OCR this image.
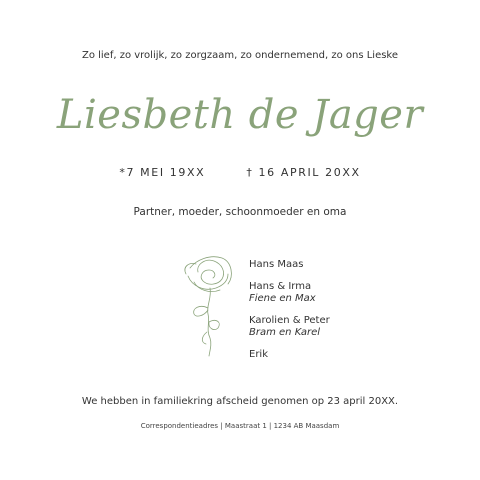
Zo lief, zo vrolijk, zo zorgzaam, zo ondernemend, zo ons Lieske
Liesbeth de Jager
*7 MEI 19XX	† 16 APRIL 20XX
Partner, moeder, schoonmoeder en oma
Hans Maas
Hans & Irma
Fiene en Max
Karolien & Peter
Bram en Karel
Erik
We hebben in familiekring afscheid genomen op 23 april 20XX.
Correspondentieadres | Maastraat 1 | 1234 AB Maasdam
